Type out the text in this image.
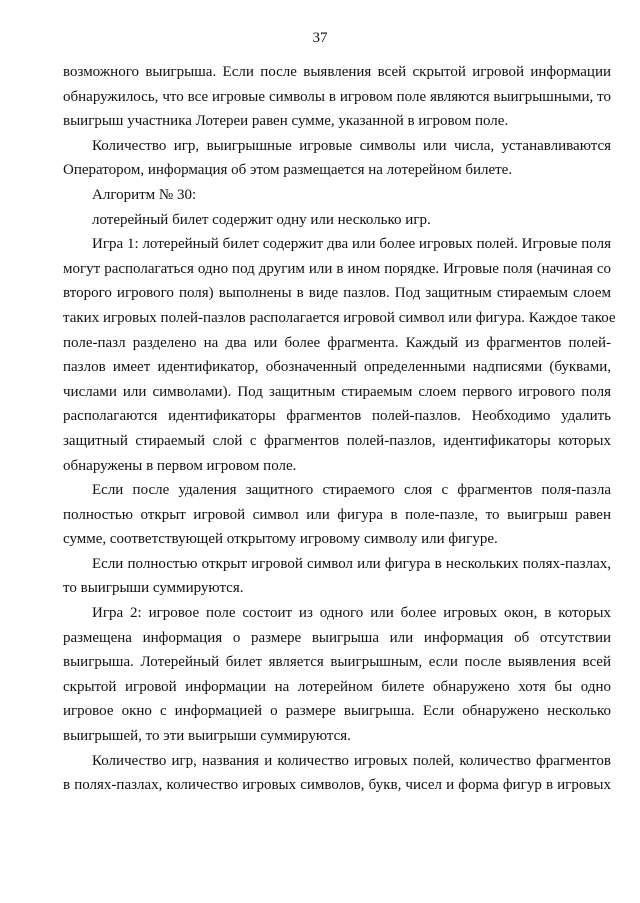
37
возможного выигрыша. Если после выявления всей скрытой игровой информации
обнаружилось, что все игровые символы в игровом поле являются выигрышными, то
выигрыш участника Лотереи равен сумме, указанной в игровом поле.
Количество игр, выигрышные игровые символы или числа, устанавливаются
Оператором, информация об этом размещается на лотерейном билете.
Алгоритм № 30:
лотерейный билет содержит одну или несколько игр.
Игра 1: лотерейный билет содержит два или более игровых полей. Игровые поля
могут располагаться одно под другим или в ином порядке. Игровые поля (начиная со
второго игрового поля) выполнены в виде пазлов. Под защитным стираемым слоем
таких игровых полей-пазлов располагается игровой символ или фигура. Каждое такое
поле-пазл разделено на два или более фрагмента. Каждый из фрагментов полей-
пазлов имеет идентификатор, обозначенный определенными надписями (буквами,
числами или символами). Под защитным стираемым слоем первого игрового поля
располагаются идентификаторы фрагментов полей-пазлов. Необходимо удалить
защитный стираемый слой с фрагментов полей-пазлов, идентификаторы которых
обнаружены в первом игровом поле.
Если после удаления защитного стираемого слоя с фрагментов поля-пазла
полностью открыт игровой символ или фигура в поле-пазле, то выигрыш равен
сумме, соответствующей открытому игровому символу или фигуре.
Если полностью открыт игровой символ или фигура в нескольких полях-пазлах,
то выигрыши суммируются.
Игра 2: игровое поле состоит из одного или более игровых окон, в которых
размещена информация о размере выигрыша или информация об отсутствии
выигрыша. Лотерейный билет является выигрышным, если после выявления всей
скрытой игровой информации на лотерейном билете обнаружено хотя бы одно
игровое окно с информацией о размере выигрыша. Если обнаружено несколько
выигрышей, то эти выигрыши суммируются.
Количество игр, названия и количество игровых полей, количество фрагментов
в полях-пазлах, количество игровых символов, букв, чисел и форма фигур в игровых
